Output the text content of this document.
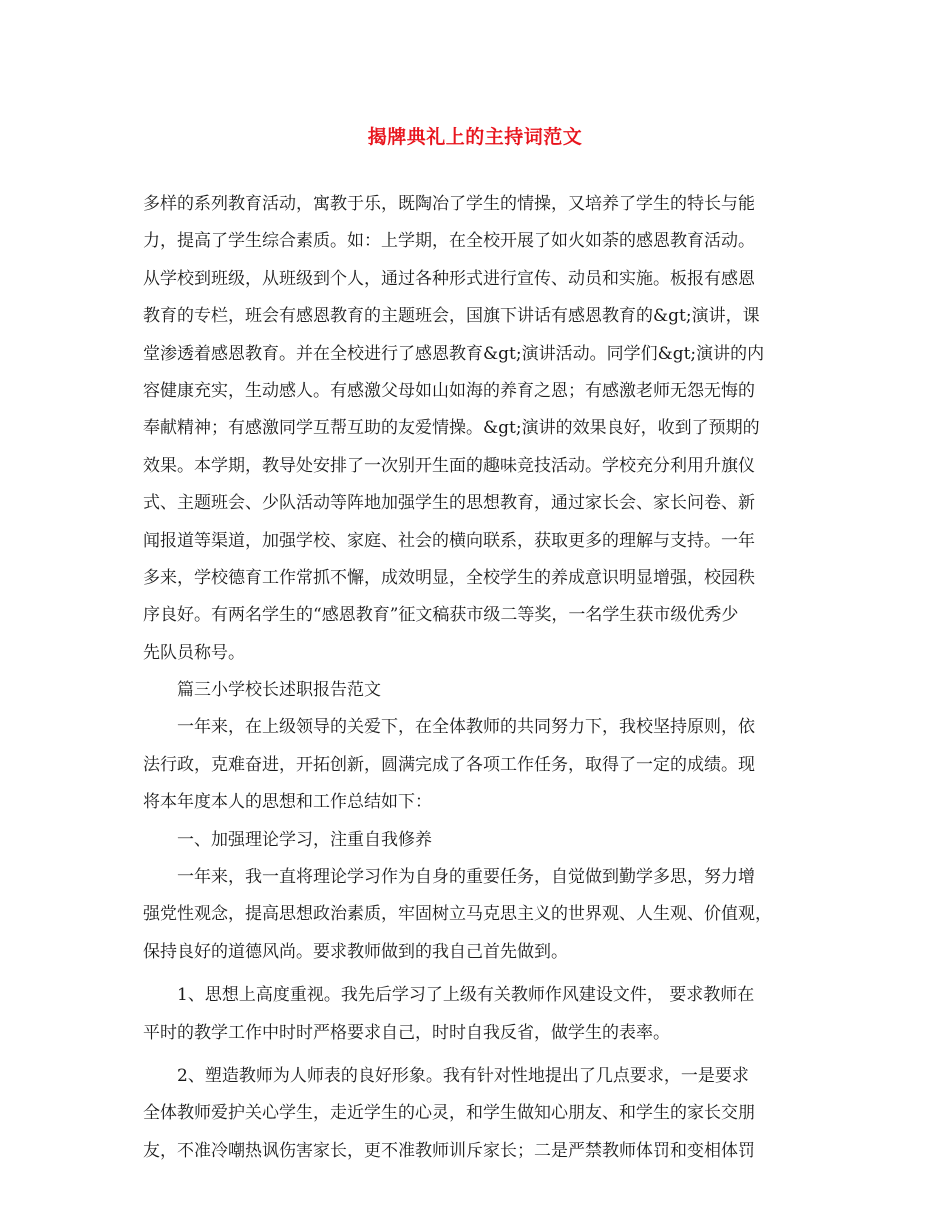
揭牌典礼上的主持词范文
多样的系列教育活动，寓教于乐，既陶冶了学生的情操，又培养了学生的特长与能
力，提高了学生综合素质。如：上学期，在全校开展了如火如荼的感恩教育活动。
从学校到班级，从班级到个人，通过各种形式进行宣传、动员和实施。板报有感恩
教育的专栏，班会有感恩教育的主题班会，国旗下讲话有感恩教育的&gt;演讲，课
堂渗透着感恩教育。并在全校进行了感恩教育&gt;演讲活动。同学们&gt;演讲的内
容健康充实，生动感人。有感激父母如山如海的养育之恩；有感激老师无怨无悔的
奉献精神；有感激同学互帮互助的友爱情操。&gt;演讲的效果良好，收到了预期的
效果。本学期，教导处安排了一次别开生面的趣味竞技活动。学校充分利用升旗仪
式、主题班会、少队活动等阵地加强学生的思想教育，通过家长会、家长问卷、新
闻报道等渠道，加强学校、家庭、社会的横向联系，获取更多的理解与支持。一年
多来，学校德育工作常抓不懈，成效明显，全校学生的养成意识明显增强，校园秩
序良好。有两名学生的“感恩教育”征文稿获市级二等奖，一名学生获市级优秀少
先队员称号。
篇三小学校长述职报告范文
一年来，在上级领导的关爱下，在全体教师的共同努力下，我校坚持原则，依
法行政，克难奋进，开拓创新，圆满完成了各项工作任务，取得了一定的成绩。现
将本年度本人的思想和工作总结如下：
一、加强理论学习，注重自我修养
一年来，我一直将理论学习作为自身的重要任务，自觉做到勤学多思，努力增
强党性观念，提高思想政治素质，牢固树立马克思主义的世界观、人生观、价值观，
保持良好的道德风尚。要求教师做到的我自己首先做到。
1、思想上高度重视。我先后学习了上级有关教师作风建设文件， 要求教师在
平时的教学工作中时时严格要求自己，时时自我反省，做学生的表率。
2、塑造教师为人师表的良好形象。我有针对性地提出了几点要求，一是要求
全体教师爱护关心学生，走近学生的心灵，和学生做知心朋友、和学生的家长交朋
友，不准冷嘲热讽伤害家长，更不准教师训斥家长；二是严禁教师体罚和变相体罚
